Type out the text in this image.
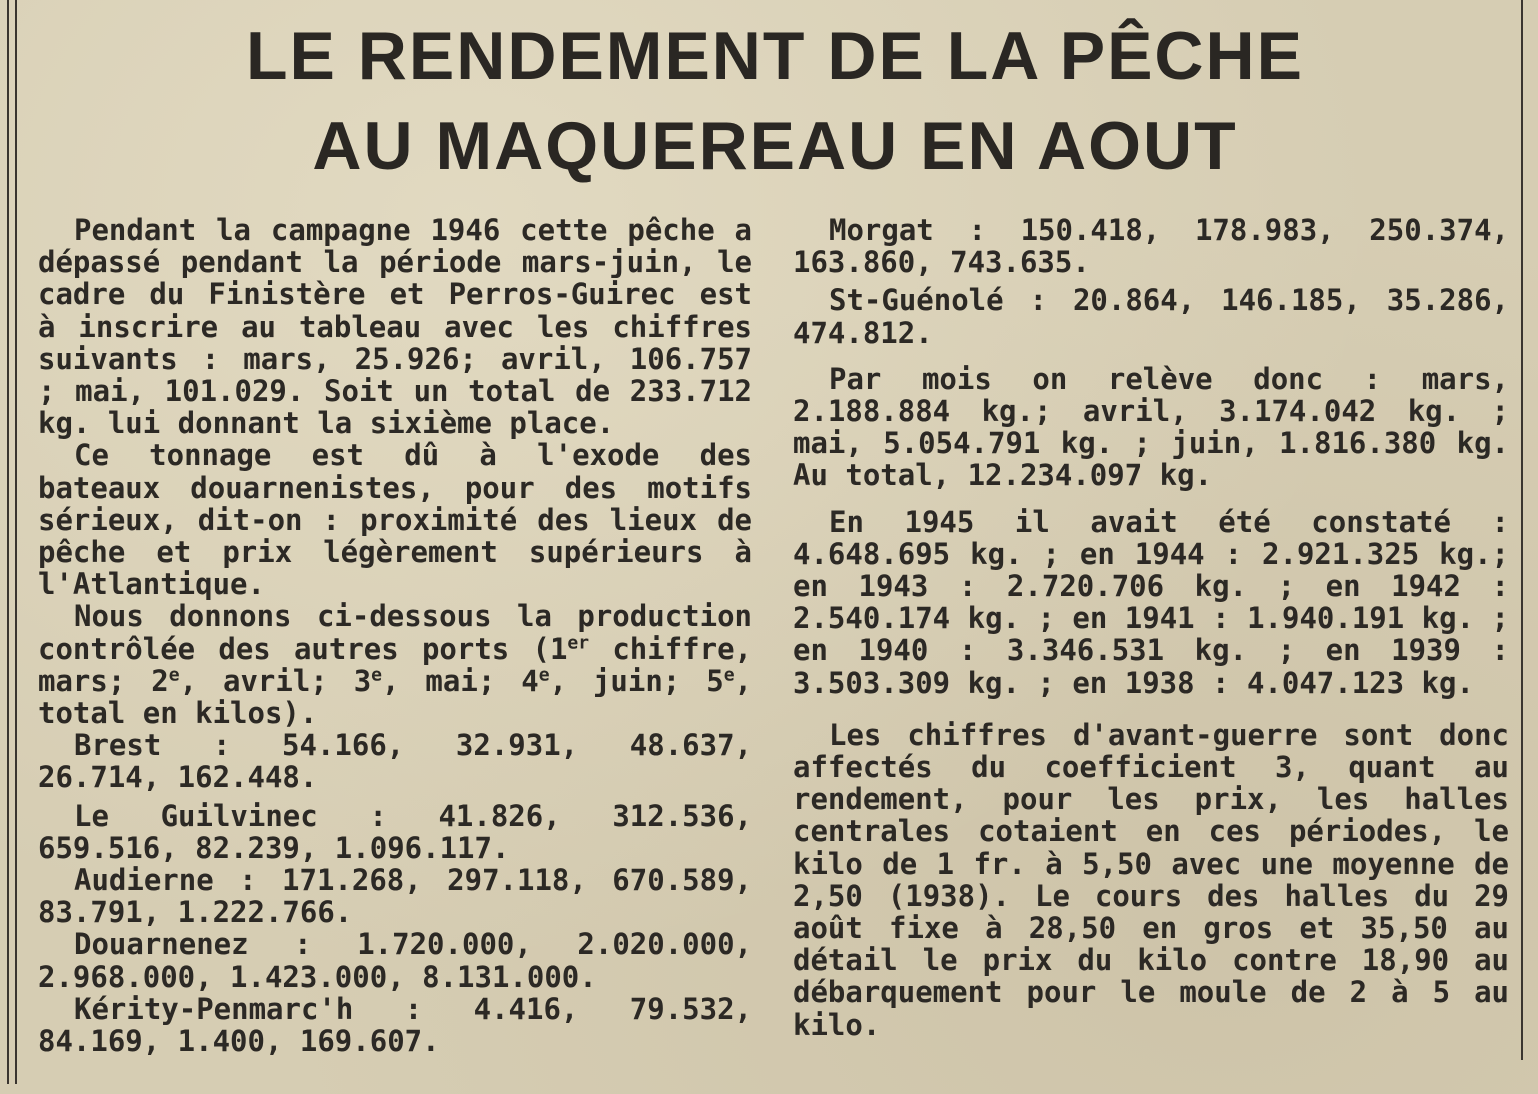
LE RENDEMENT DE LA PÊCHE
AU MAQUEREAU EN AOUT

Pendant la campagne 1946 cette pêche a dépassé pendant la période mars-juin, le cadre du Finistère et Perros-Guirec est à inscrire au tableau avec les chiffres suivants : mars, 25.926; avril, 106.757 ; mai, 101.029. Soit un total de 233.712 kg. lui donnant la sixième place.

Ce tonnage est dû à l'exode des bateaux douarnenistes, pour des motifs sérieux, dit-on : proximité des lieux de pêche et prix légèrement supérieurs à l'Atlantique.

Nous donnons ci-dessous la production contrôlée des autres ports (1er chiffre, mars; 2e, avril; 3e, mai; 4e, juin; 5e, total en kilos).

Brest : 54.166, 32.931, 48.637, 26.714, 162.448.

Le Guilvinec : 41.826, 312.536, 659.516, 82.239, 1.096.117.

Audierne : 171.268, 297.118, 670.589, 83.791, 1.222.766.

Douarnenez : 1.720.000, 2.020.000, 2.968.000, 1.423.000, 8.131.000.

Kérity-Penmarc'h : 4.416, 79.532, 84.169, 1.400, 169.607.

Morgat : 150.418, 178.983, 250.374, 163.860, 743.635.

St-Guénolé : 20.864, 146.185, 35.286, 474.812.

Par mois on relève donc : mars, 2.188.884 kg.; avril, 3.174.042 kg. ; mai, 5.054.791 kg. ; juin, 1.816.380 kg. Au total, 12.234.097 kg.

En 1945 il avait été constaté : 4.648.695 kg. ; en 1944 : 2.921.325 kg.; en 1943 : 2.720.706 kg. ; en 1942 : 2.540.174 kg. ; en 1941 : 1.940.191 kg. ; en 1940 : 3.346.531 kg. ; en 1939 : 3.503.309 kg. ; en 1938 : 4.047.123 kg.

Les chiffres d'avant-guerre sont donc affectés du coefficient 3, quant au rendement, pour les prix, les halles centrales cotaient en ces périodes, le kilo de 1 fr. à 5,50 avec une moyenne de 2,50 (1938). Le cours des halles du 29 août fixe à 28,50 en gros et 35,50 au détail le prix du kilo contre 18,90 au débarquement pour le moule de 2 à 5 au kilo.
